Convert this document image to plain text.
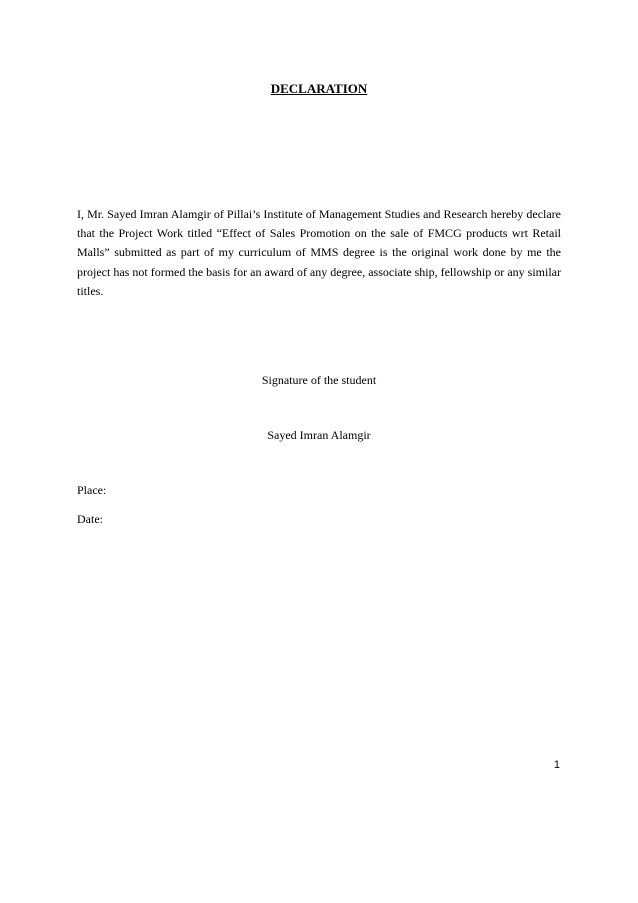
DECLARATION

I, Mr. Sayed Imran Alamgir of Pillai’s Institute of Management Studies and Research hereby declare that the Project Work titled “Effect of Sales Promotion on the sale of FMCG products wrt Retail Malls” submitted as part of my curriculum of MMS degree is the original work done by me the project has not formed the basis for an award of any degree, associate ship, fellowship or any similar titles.

Signature of the student
Sayed Imran Alamgir
Place:
Date:
1
